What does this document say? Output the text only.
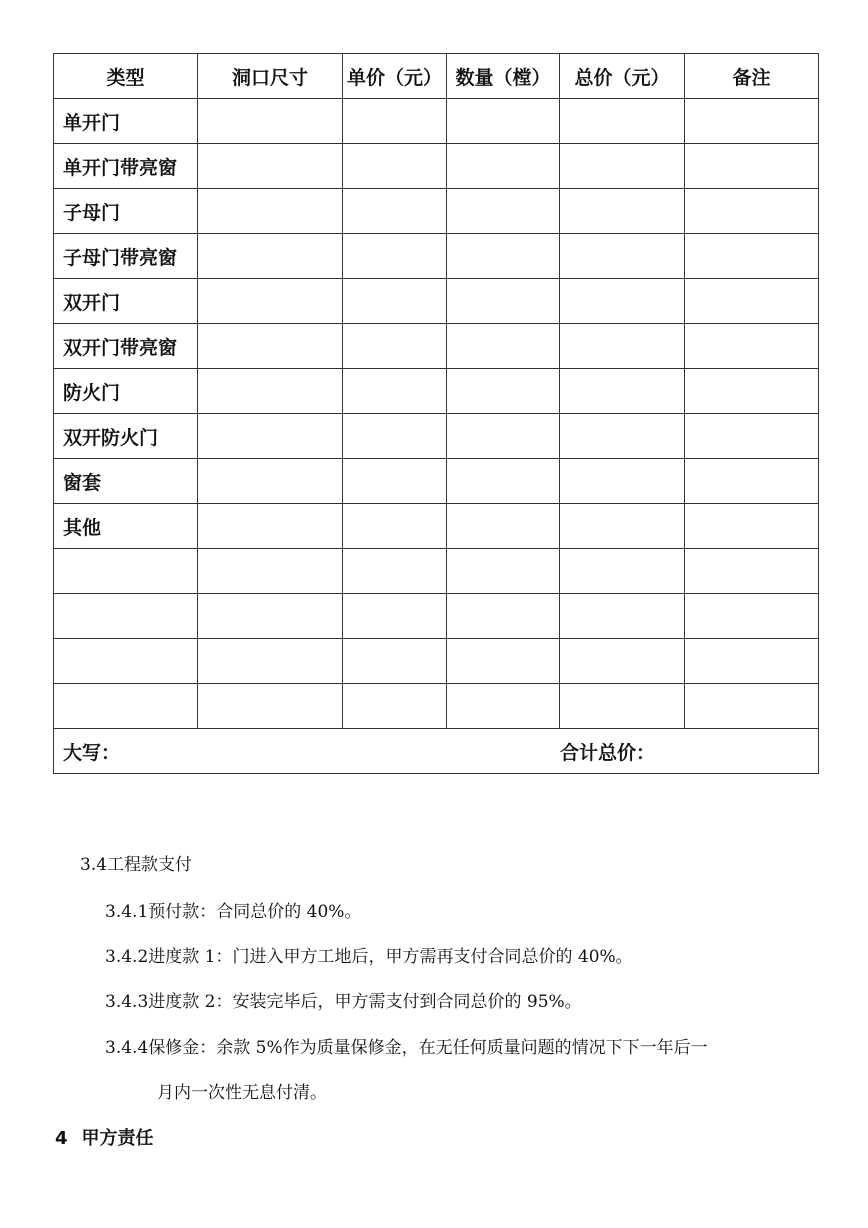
类型	洞口尺寸	单价（元）	数量（樘）	总价（元）	备注
单开门					
单开门带亮窗					
子母门					
子母门带亮窗					
双开门					
双开门带亮窗					
防火门					
双开防火门					
窗套					
其他					

大写： 合计总价：					
3.4工程款支付
3.4.1预付款：合同总价的 40%。
3.4.2进度款 1：门进入甲方工地后，甲方需再支付合同总价的 40%。
3.4.3进度款 2：安装完毕后，甲方需支付到合同总价的 95%。
3.4.4保修金：余款 5%作为质量保修金，在无任何质量问题的情况下下一年后一
月内一次性无息付清。
4 甲方责任
